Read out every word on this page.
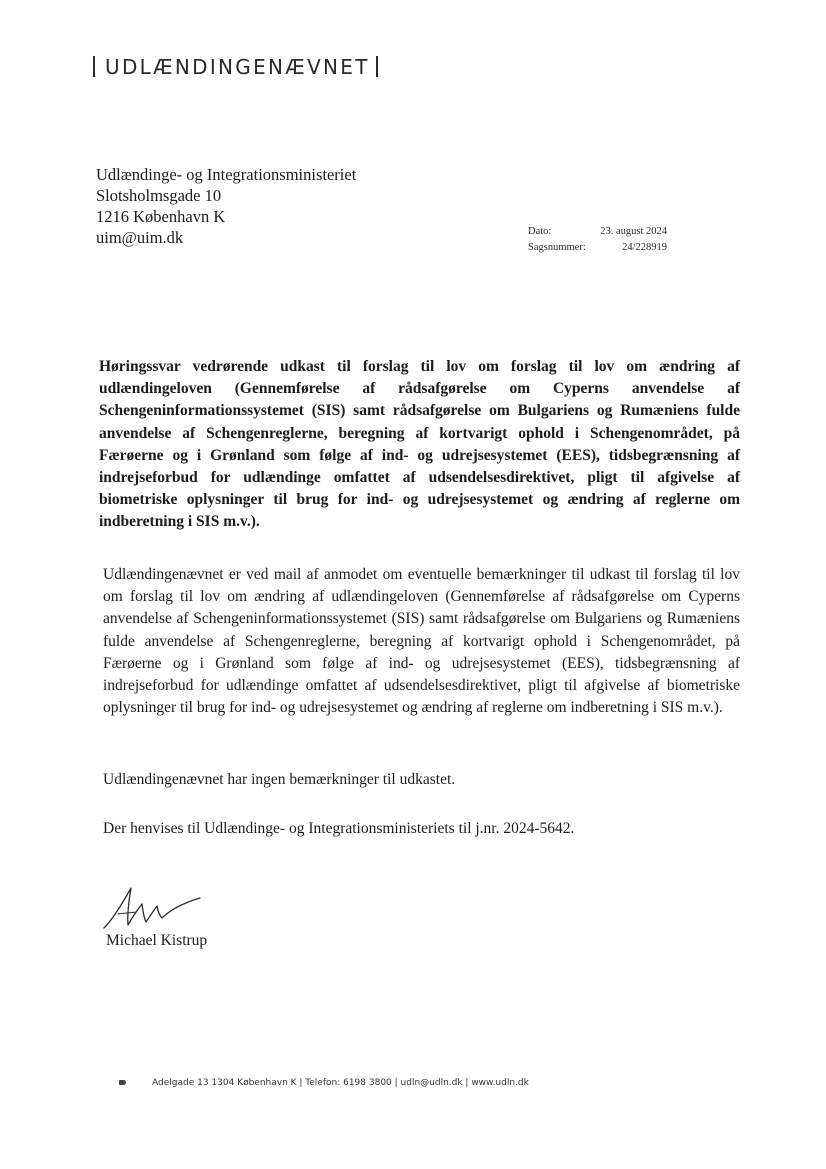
UDLÆNDINGENÆVNET
Udlændinge- og Integrationsministeriet
Slotsholmsgade 10
1216 København K
uim@uim.dk	Dato:	23. august 2024
Sagsnummer:	24/228919
Høringssvar vedrørende udkast til forslag til lov om forslag til lov om ændring af udlændingeloven (Gennemførelse af rådsafgørelse om Cyperns anvendelse af Schengeninformationssystemet (SIS) samt rådsafgørelse om Bulgariens og Rumæniens fulde anvendelse af Schengenreglerne, beregning af kortvarigt ophold i Schengenområdet, på Færøerne og i Grønland som følge af ind- og udrejsesystemet (EES), tidsbegrænsning af indrejseforbud for udlændinge omfattet af udsendelsesdirektivet, pligt til afgivelse af biometriske oplysninger til brug for ind- og udrejsesystemet og ændring af reglerne om indberetning i SIS m.v.).
Udlændingenævnet er ved mail af anmodet om eventuelle bemærkninger til udkast til forslag til lov om forslag til lov om ændring af udlændingeloven (Gennemførelse af rådsafgørelse om Cyperns anvendelse af Schengeninformationssystemet (SIS) samt rådsafgørelse om Bulgariens og Rumæniens fulde anvendelse af Schengenreglerne, beregning af kortvarigt ophold i Schengenområdet, på Færøerne og i Grønland som følge af ind- og udrejsesystemet (EES), tidsbegrænsning af indrejseforbud for udlændinge omfattet af udsendelsesdirektivet, pligt til afgivelse af biometriske oplysninger til brug for ind- og udrejsesystemet og ændring af reglerne om indberetning i SIS m.v.).
Udlændingenævnet har ingen bemærkninger til udkastet.
Der henvises til Udlændinge- og Integrationsministeriets til j.nr. 2024-5642.
Michael Kistrup
Adelgade 13 1304 København K | Telefon: 6198 3800 | udln@udln.dk | www.udln.dk
